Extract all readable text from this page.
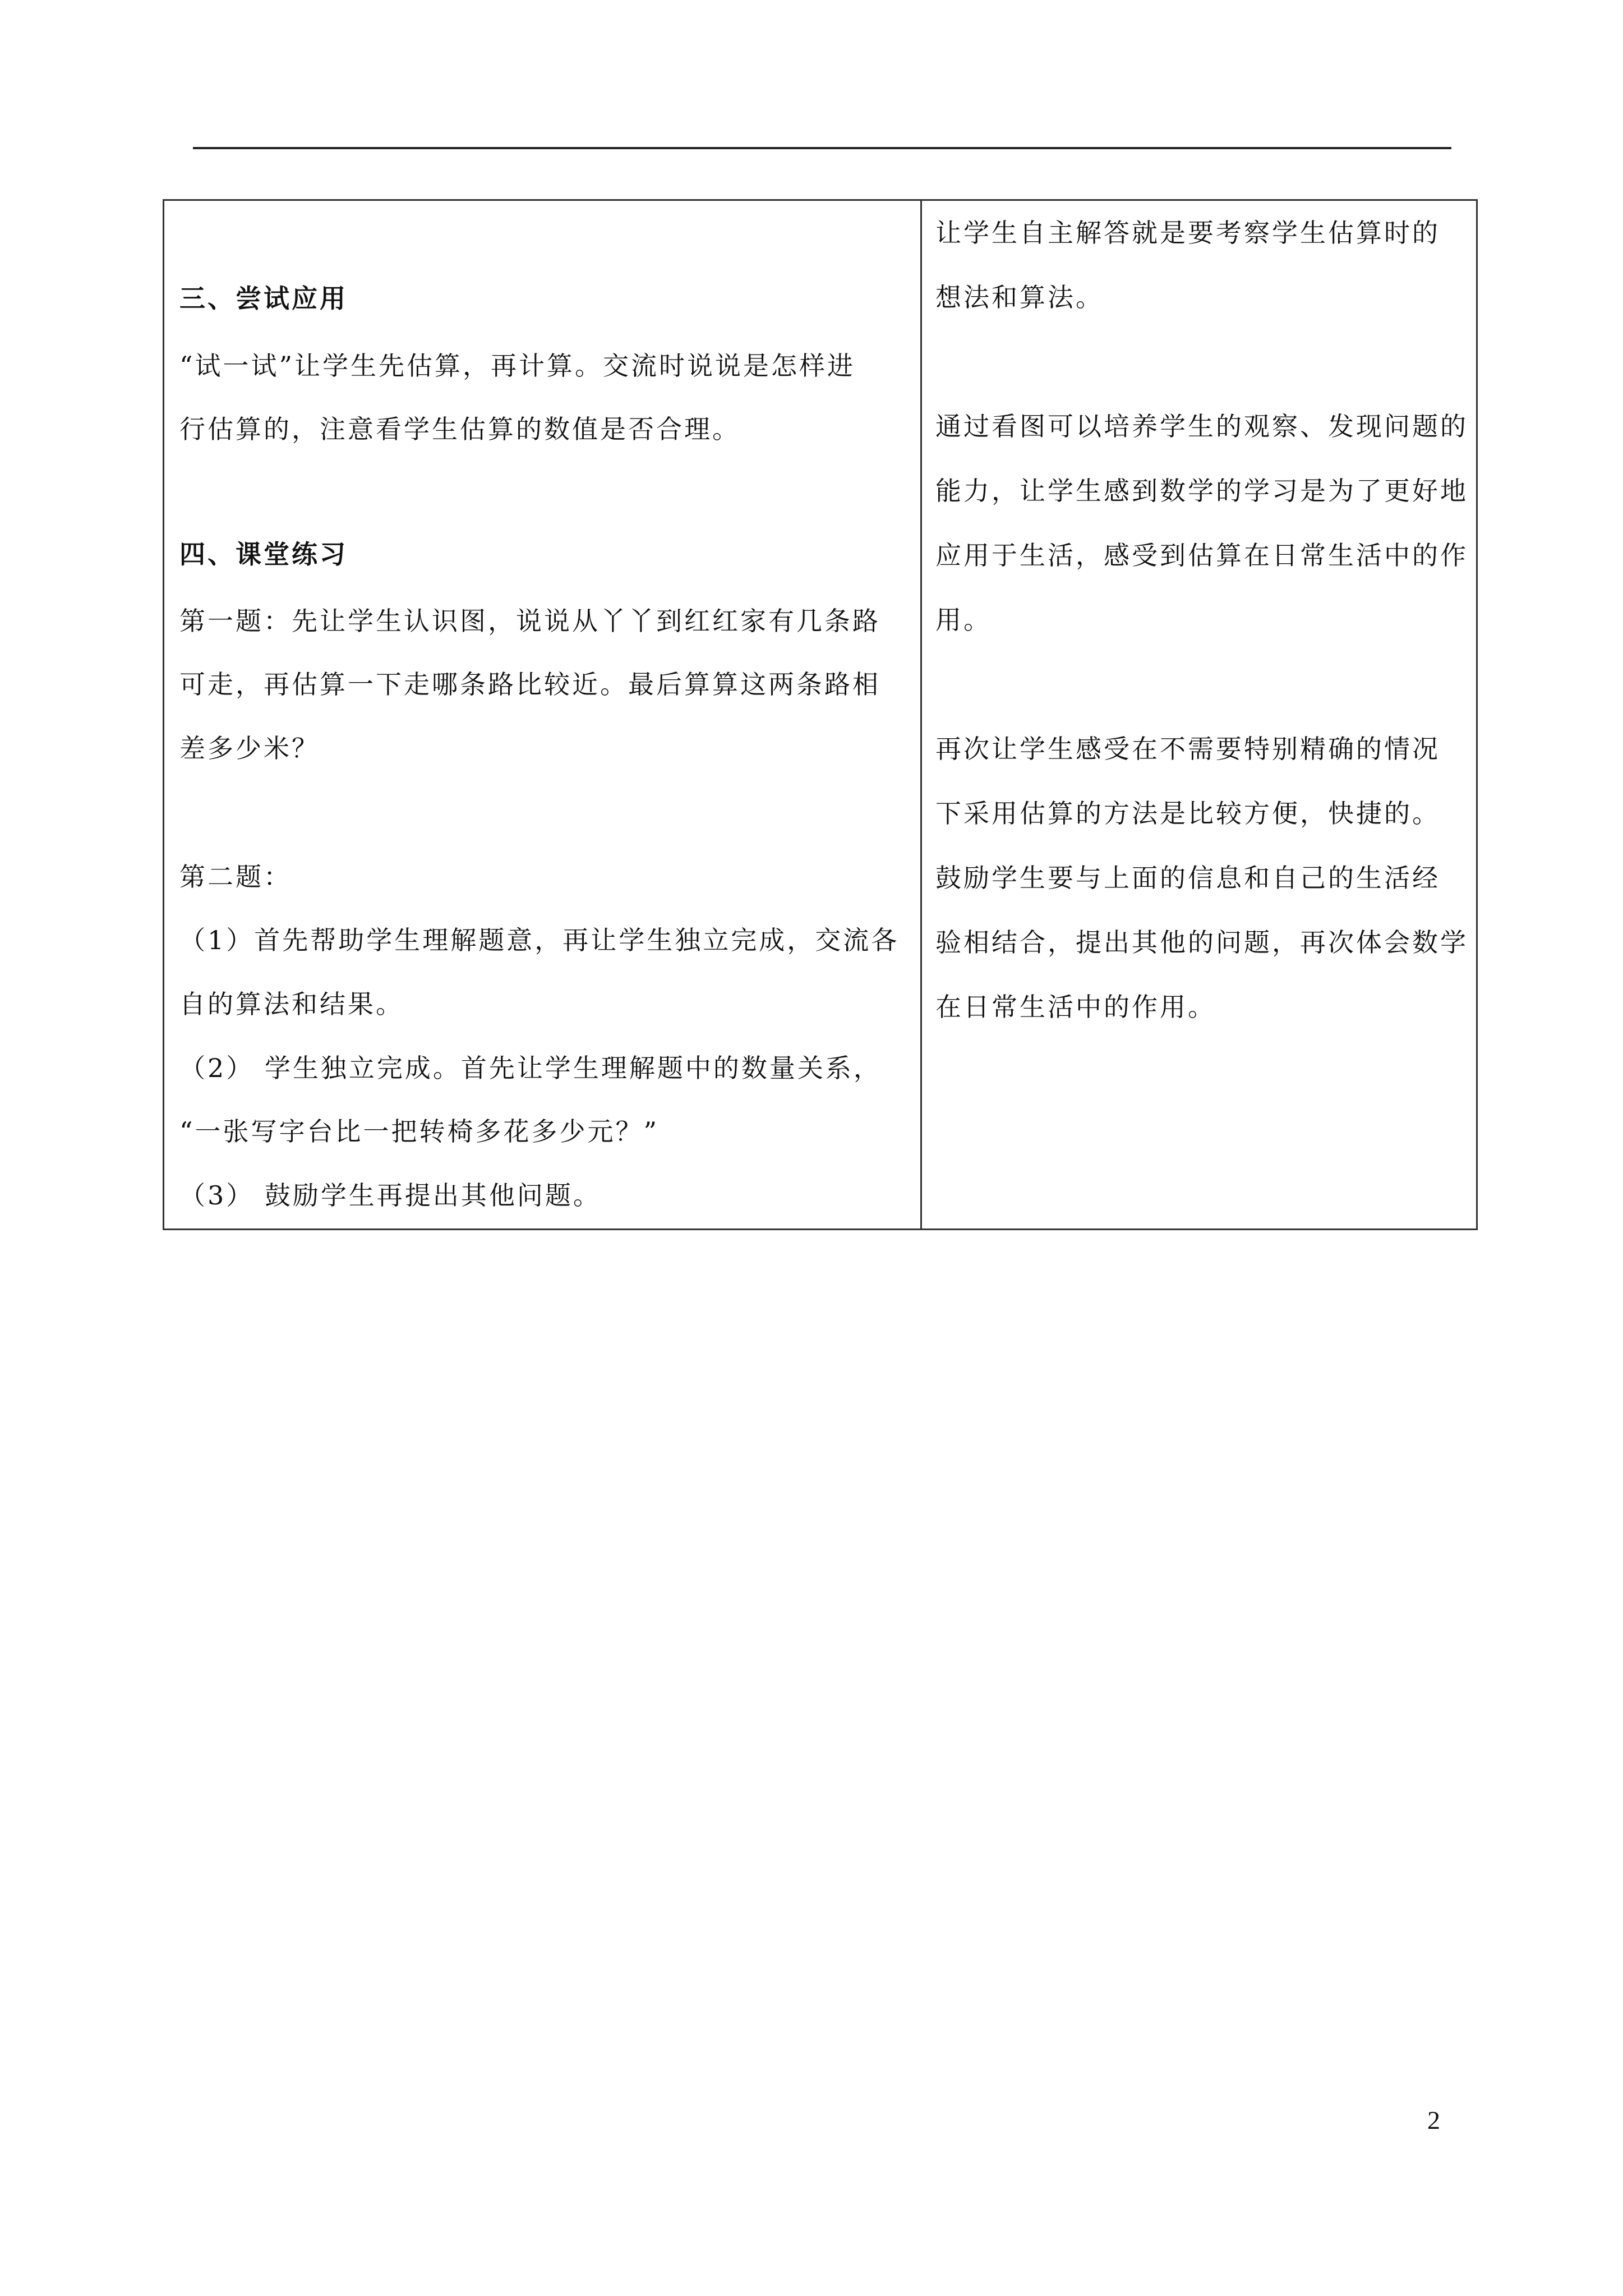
三、尝试应用
“试一试”让学生先估算，再计算。交流时说说是怎样进
行估算的，注意看学生估算的数值是否合理。
四、课堂练习
第一题：先让学生认识图，说说从丫丫到红红家有几条路
可走，再估算一下走哪条路比较近。最后算算这两条路相
差多少米？
第二题：
（1）首先帮助学生理解题意，再让学生独立完成，交流各
自的算法和结果。
（2） 学生独立完成。首先让学生理解题中的数量关系，
“一张写字台比一把转椅多花多少元？”
（3） 鼓励学生再提出其他问题。
让学生自主解答就是要考察学生估算时的
想法和算法。
通过看图可以培养学生的观察、发现问题的
能力，让学生感到数学的学习是为了更好地
应用于生活，感受到估算在日常生活中的作
用。
再次让学生感受在不需要特别精确的情况
下采用估算的方法是比较方便，快捷的。
鼓励学生要与上面的信息和自己的生活经
验相结合，提出其他的问题，再次体会数学
在日常生活中的作用。
2
